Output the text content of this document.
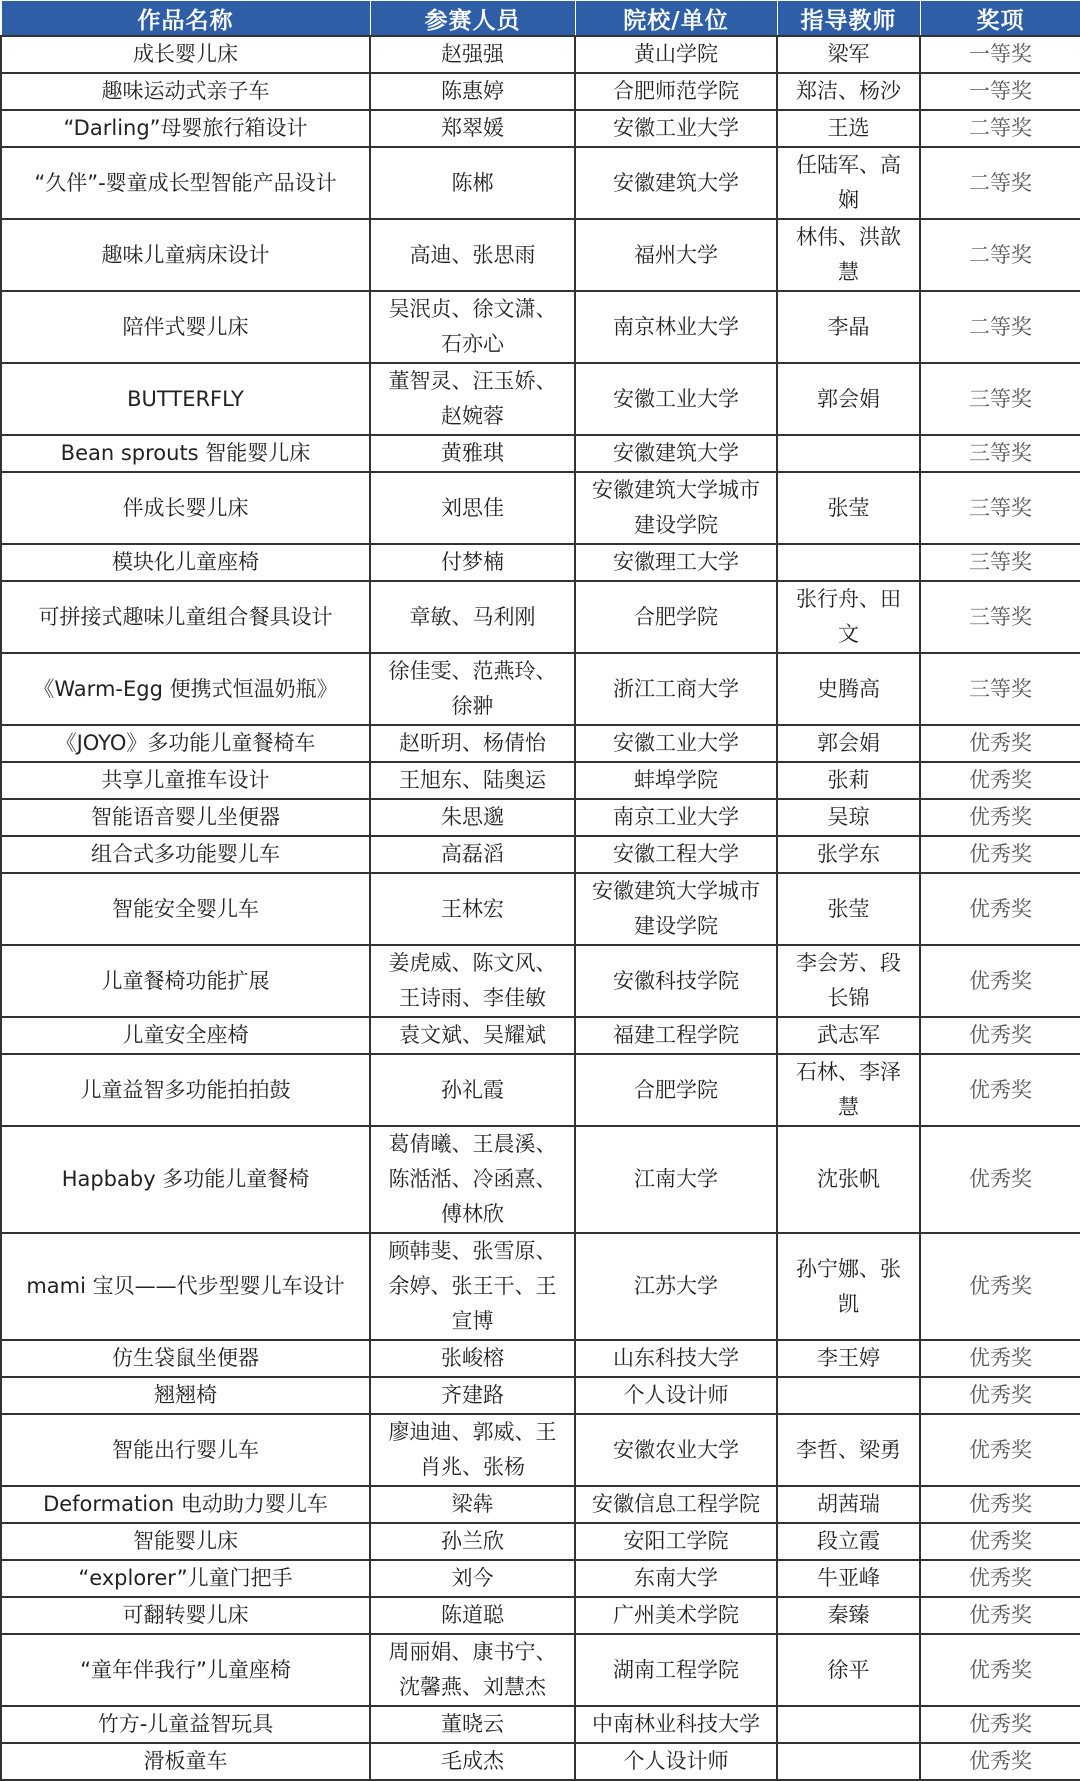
作品名称	参赛人员	院校/单位	指导教师	奖项
成长婴儿床	赵强强	黄山学院	梁军	一等奖
趣味运动式亲子车	陈惠婷	合肥师范学院	郑洁、杨沙	一等奖
“Darling”母婴旅行箱设计	郑翠媛	安徽工业大学	王选	二等奖
“久伴”-婴童成长型智能产品设计	陈郴	安徽建筑大学	任陆军、高娴	二等奖
趣味儿童病床设计	高迪、张思雨	福州大学	林伟、洪歆慧	二等奖
陪伴式婴儿床	吴泯贞、徐文潇、石亦心	南京林业大学	李晶	二等奖
BUTTERFLY	董智灵、汪玉娇、赵婉蓉	安徽工业大学	郭会娟	三等奖
Bean sprouts 智能婴儿床	黄雅琪	安徽建筑大学		三等奖
伴成长婴儿床	刘思佳	安徽建筑大学城市建设学院	张莹	三等奖
模块化儿童座椅	付梦楠	安徽理工大学		三等奖
可拼接式趣味儿童组合餐具设计	章敏、马利刚	合肥学院	张行舟、田文	三等奖
《Warm-Egg 便携式恒温奶瓶》	徐佳雯、范燕玲、徐翀	浙江工商大学	史腾高	三等奖
《JOYO》多功能儿童餐椅车	赵昕玥、杨倩怡	安徽工业大学	郭会娟	优秀奖
共享儿童推车设计	王旭东、陆奥运	蚌埠学院	张莉	优秀奖
智能语音婴儿坐便器	朱思邈	南京工业大学	吴琼	优秀奖
组合式多功能婴儿车	高磊滔	安徽工程大学	张学东	优秀奖
智能安全婴儿车	王林宏	安徽建筑大学城市建设学院	张莹	优秀奖
儿童餐椅功能扩展	姜虎威、陈文风、王诗雨、李佳敏	安徽科技学院	李会芳、段长锦	优秀奖
儿童安全座椅	袁文斌、吴耀斌	福建工程学院	武志军	优秀奖
儿童益智多功能拍拍鼓	孙礼霞	合肥学院	石林、李泽慧	优秀奖
Hapbaby 多功能儿童餐椅	葛倩曦、王晨溪、陈湉湉、冷函熹、傅林欣	江南大学	沈张帆	优秀奖
mami 宝贝——代步型婴儿车设计	顾韩斐、张雪原、余婷、张王干、王宣博	江苏大学	孙宁娜、张凯	优秀奖
仿生袋鼠坐便器	张峻榕	山东科技大学	李王婷	优秀奖
翘翘椅	齐建路	个人设计师		优秀奖
智能出行婴儿车	廖迪迪、郭威、王肖兆、张杨	安徽农业大学	李哲、梁勇	优秀奖
Deformation 电动助力婴儿车	梁犇	安徽信息工程学院	胡茜瑞	优秀奖
智能婴儿床	孙兰欣	安阳工学院	段立霞	优秀奖
“explorer”儿童门把手	刘今	东南大学	牛亚峰	优秀奖
可翻转婴儿床	陈道聪	广州美术学院	秦臻	优秀奖
“童年伴我行”儿童座椅	周丽娟、康书宁、沈馨燕、刘慧杰	湖南工程学院	徐平	优秀奖
竹方-儿童益智玩具	董晓云	中南林业科技大学		优秀奖
滑板童车	毛成杰	个人设计师		优秀奖
